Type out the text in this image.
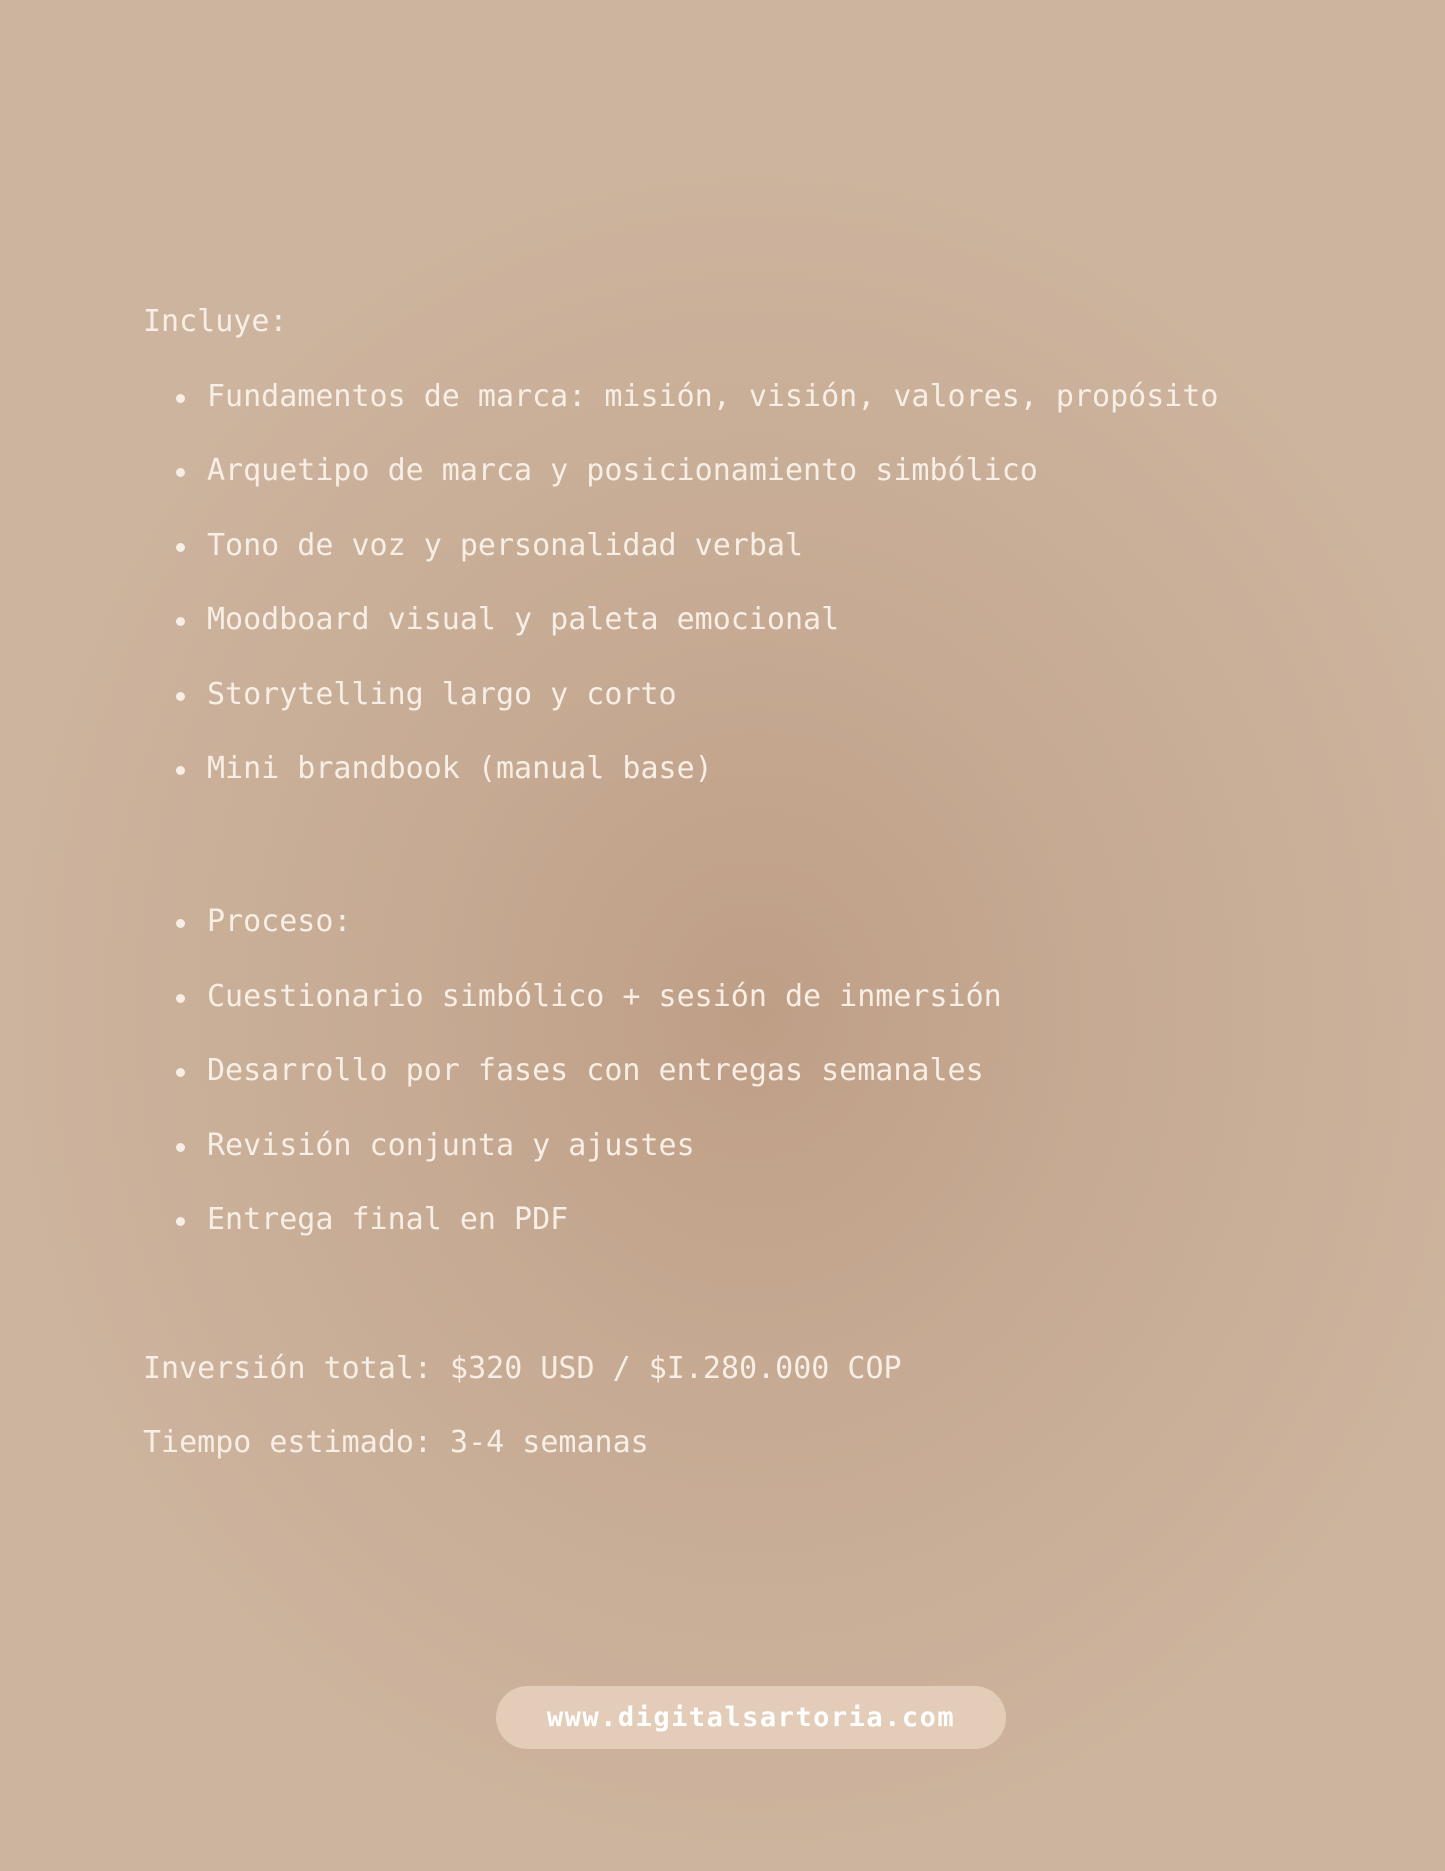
Incluye:

Fundamentos de marca: misión, visión, valores, propósito
Arquetipo de marca y posicionamiento simbólico
Tono de voz y personalidad verbal
Moodboard visual y paleta emocional
Storytelling largo y corto
Mini brandbook (manual base)
Proceso:
Cuestionario simbólico + sesión de inmersión
Desarrollo por fases con entregas semanales
Revisión conjunta y ajustes
Entrega final en PDF
Inversión total: $320 USD / $I.280.000 COP
Tiempo estimado: 3-4 semanas
www.digitalsartoria.com
